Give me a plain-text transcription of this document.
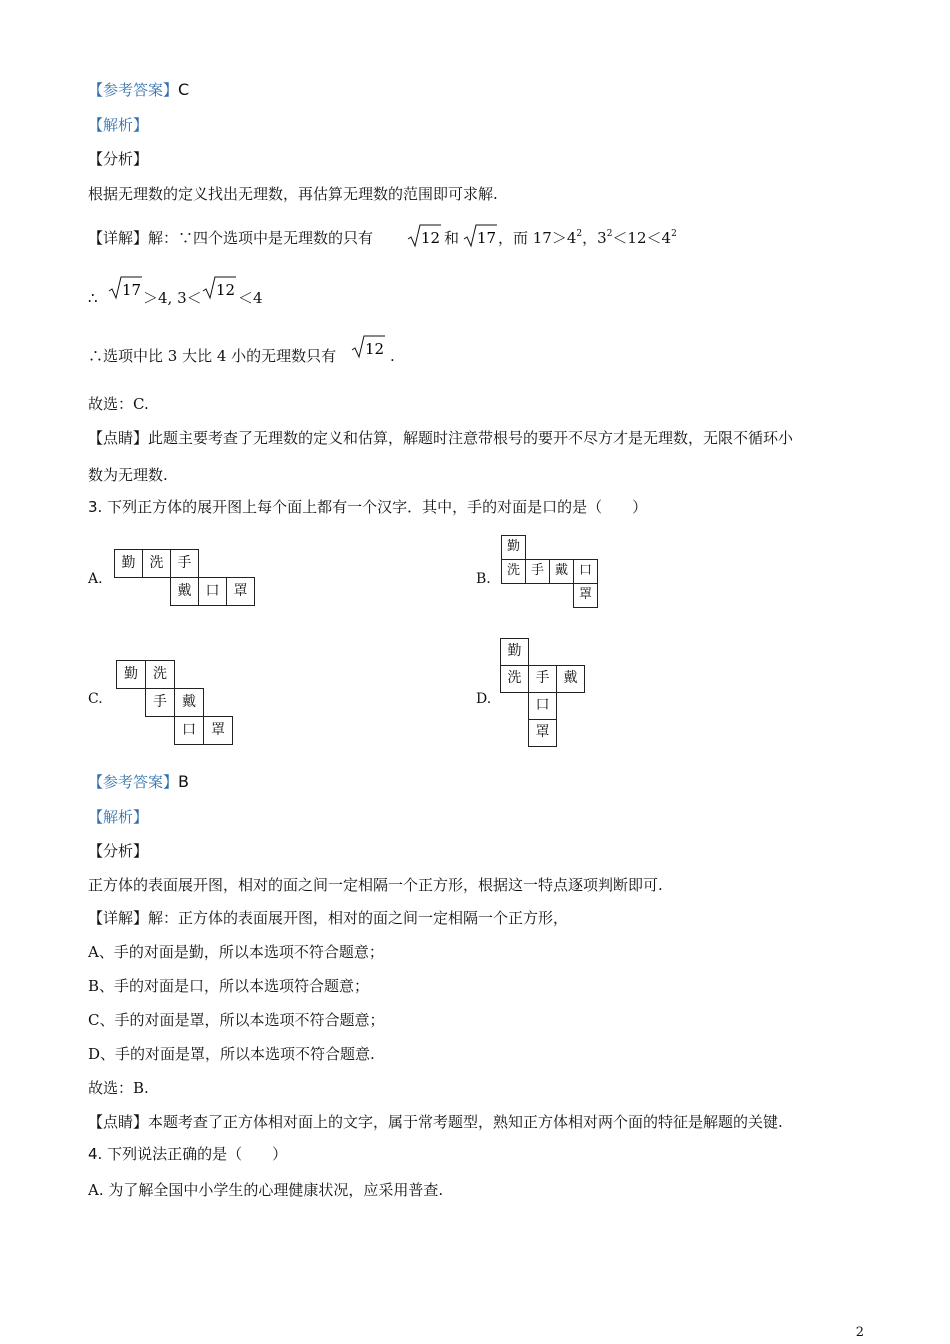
【参考答案】C
【解析】
【分析】
根据无理数的定义找出无理数，再估算无理数的范围即可求解.
【详解】解：∵四个选项中是无理数的只有	12 和 17 ，而 $17>4^2$，$3^2<12<4^2$
∴ 17 ＞4, 3＜ 12 ＜4
∴选项中比 3 大比 4 小的无理数只有 12 .
故选：C.
【点睛】此题主要考查了无理数的定义和估算，解题时注意带根号的要开不尽方才是无理数，无限不循环小
数为无理数.
3. 下列正方体的展开图上每个面上都有一个汉字．其中，手的对面是口的是（　　）
A.
勤	洗	手
戴	口	罩
B.
勤
洗 手 戴 口
罩
C.
勤	洗
手	戴
口	罩
D.
勤
洗	手	戴
口
罩
【参考答案】B
【解析】
【分析】
正方体的表面展开图，相对的面之间一定相隔一个正方形，根据这一特点逐项判断即可.
【详解】解：正方体的表面展开图，相对的面之间一定相隔一个正方形，
A、手的对面是勤，所以本选项不符合题意；
B、手的对面是口，所以本选项符合题意；
C、手的对面是罩，所以本选项不符合题意；
D、手的对面是罩，所以本选项不符合题意.
故选：B.
【点睛】本题考查了正方体相对面上的文字，属于常考题型，熟知正方体相对两个面的特征是解题的关键.
4. 下列说法正确的是（　　）
A. 为了解全国中小学生的心理健康状况，应采用普查.
2
